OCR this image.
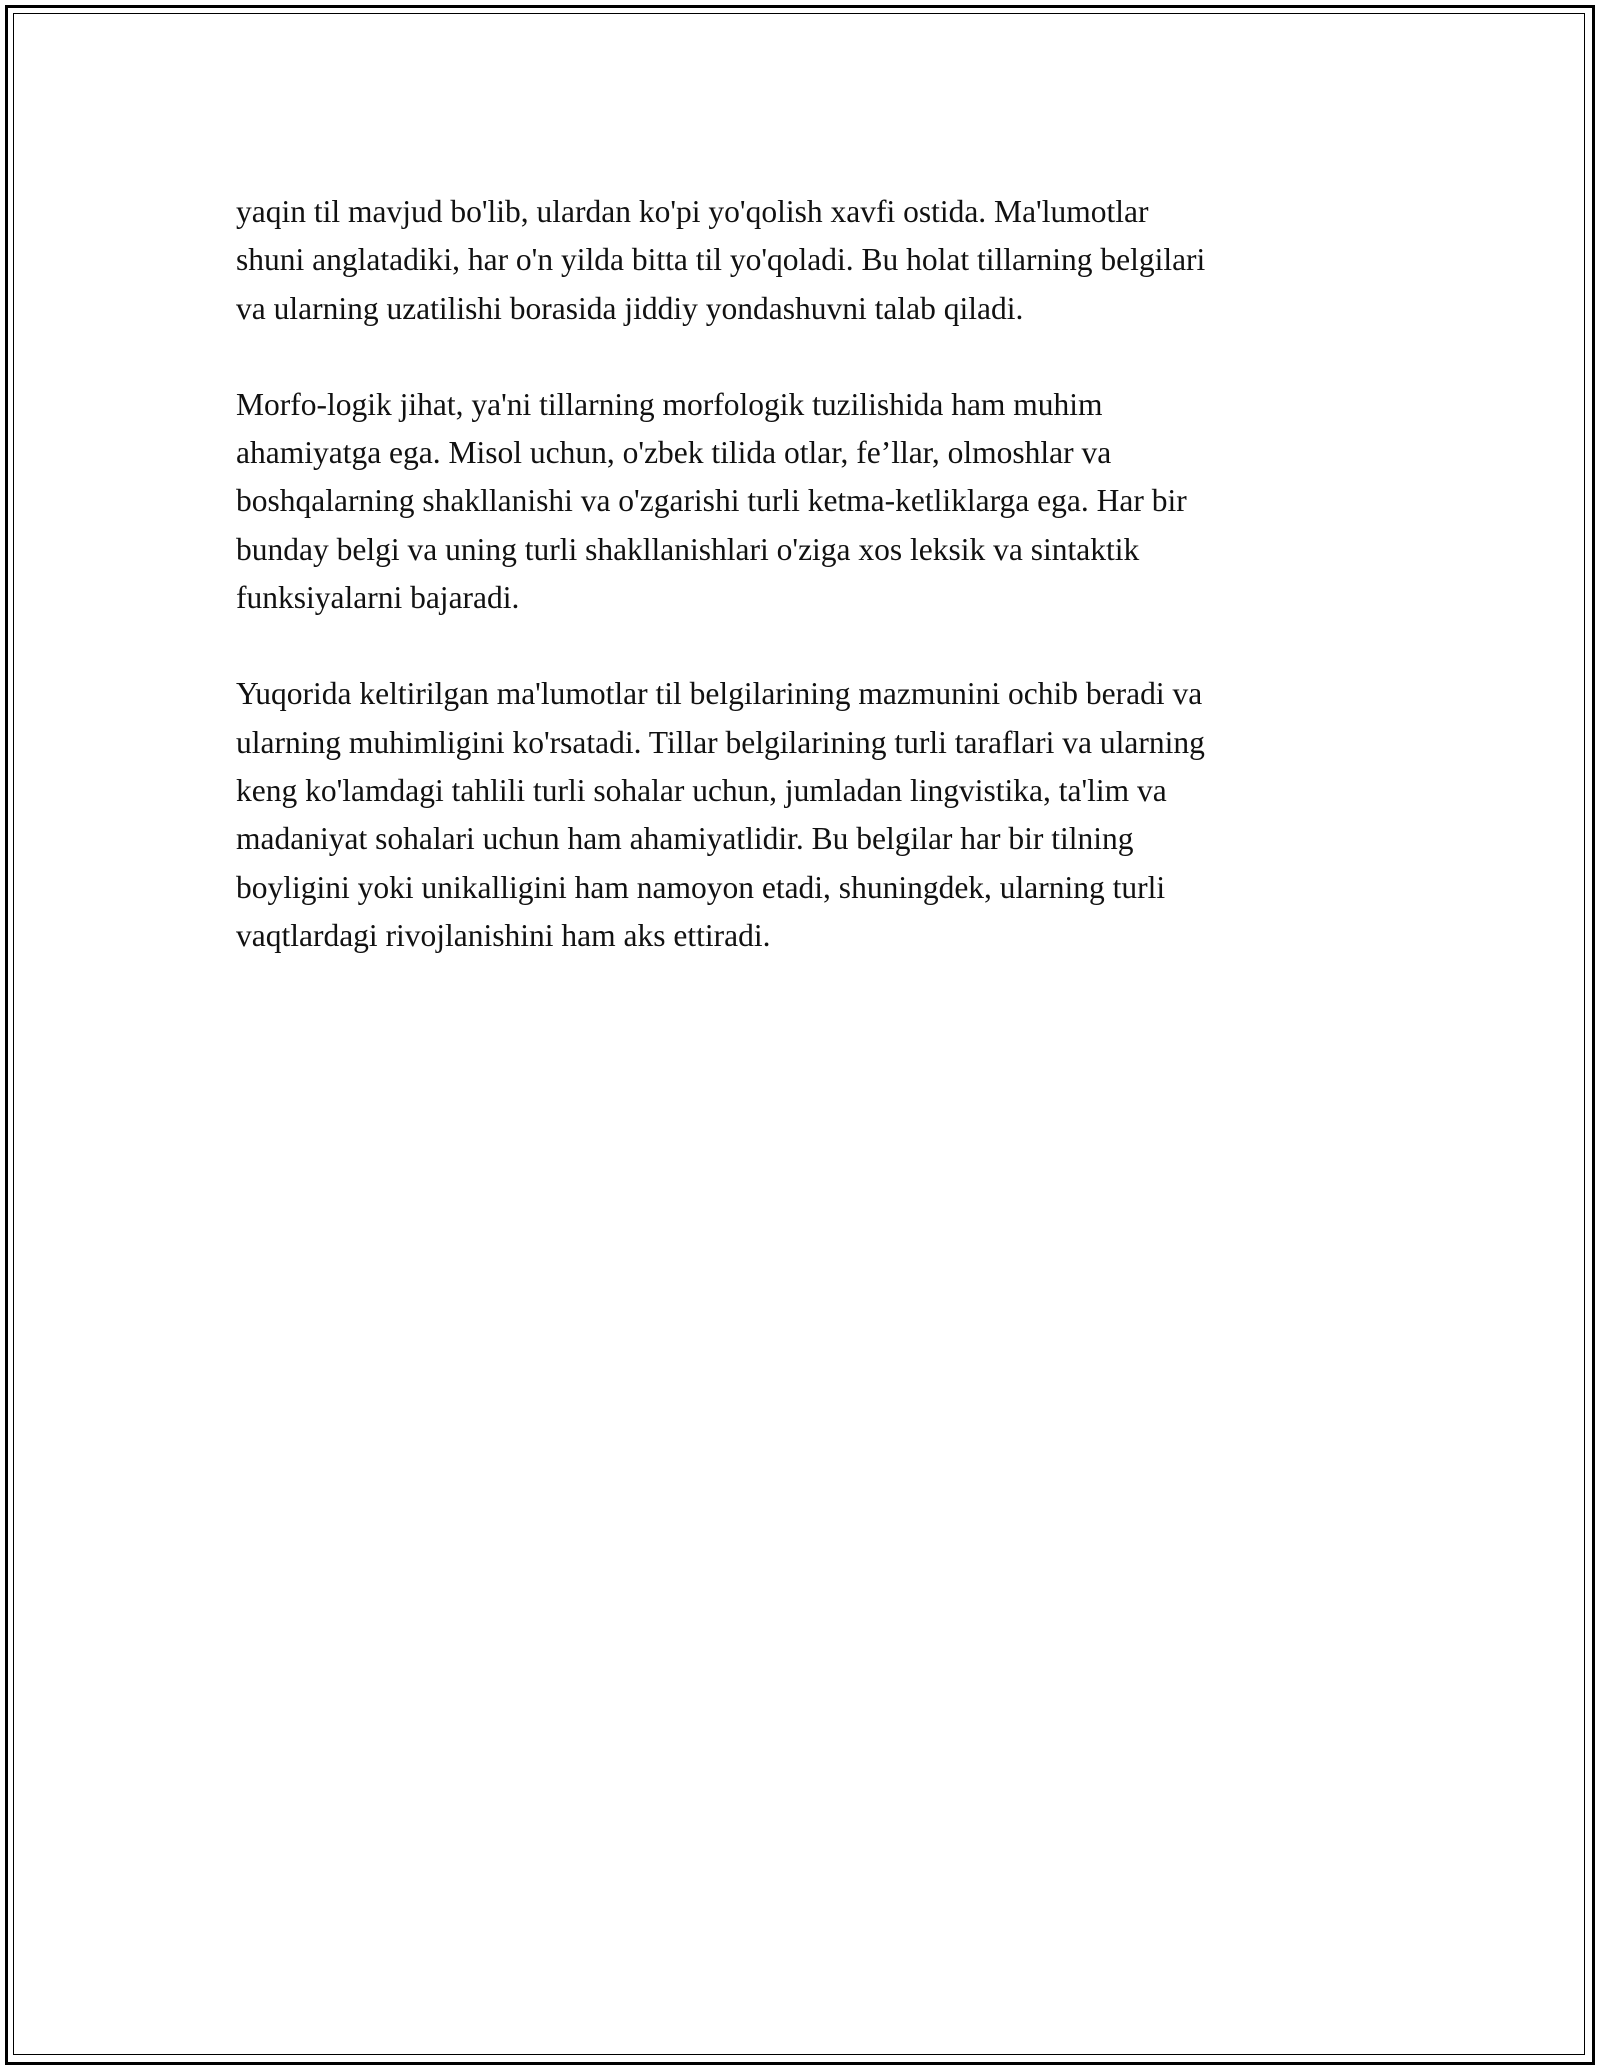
yaqin til mavjud bo'lib, ulardan ko'pi yo'qolish xavfi ostida. Ma'lumotlar
shuni anglatadiki, har o'n yilda bitta til yo'qoladi. Bu holat tillarning belgilari
va ularning uzatilishi borasida jiddiy yondashuvni talab qiladi.

Morfo-logik jihat, ya'ni tillarning morfologik tuzilishida ham muhim
ahamiyatga ega. Misol uchun, o'zbek tilida otlar, fe’llar, olmoshlar va
boshqalarning shakllanishi va o'zgarishi turli ketma-ketliklarga ega. Har bir
bunday belgi va uning turli shakllanishlari o'ziga xos leksik va sintaktik
funksiyalarni bajaradi.

Yuqorida keltirilgan ma'lumotlar til belgilarining mazmunini ochib beradi va
ularning muhimligini ko'rsatadi. Tillar belgilarining turli taraflari va ularning
keng ko'lamdagi tahlili turli sohalar uchun, jumladan lingvistika, ta'lim va
madaniyat sohalari uchun ham ahamiyatlidir. Bu belgilar har bir tilning
boyligini yoki unikalligini ham namoyon etadi, shuningdek, ularning turli
vaqtlardagi rivojlanishini ham aks ettiradi.
